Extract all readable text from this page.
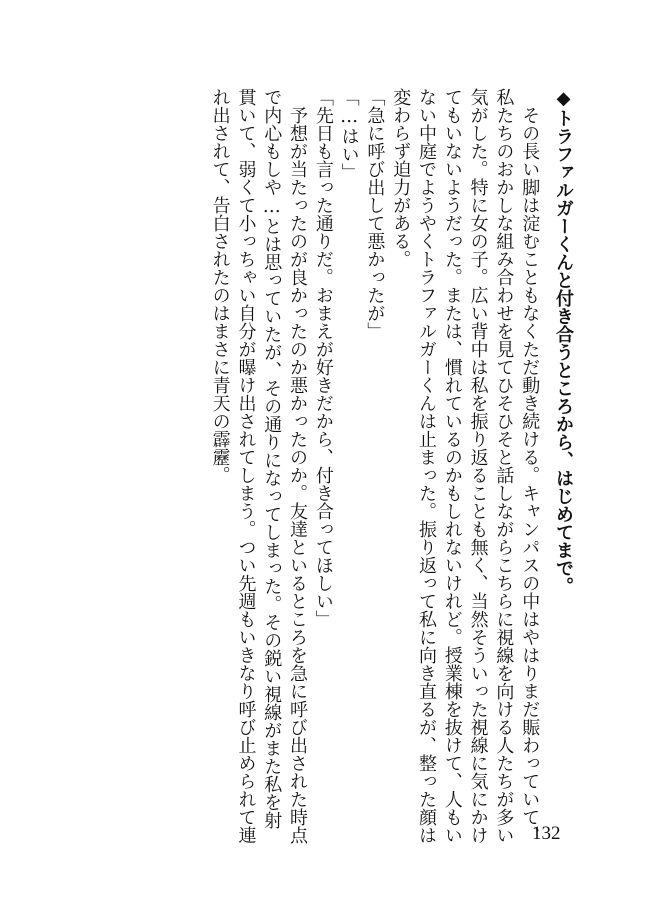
◆トラファルガーくんと付き合うところから、はじめてまで。
　その長い脚は淀むこともなくただ動き続ける。キャンパスの中はやはりまだ賑わっていて、
私たちのおかしな組み合わせを見てひそひそと話しながらこちらに視線を向ける人たちが多い
気がした。特に女の子。広い背中は私を振り返ることも無く、当然そういった視線に気にかけ
てもいないようだった。または、慣れているのかもしれないけれど。授業棟を抜けて、人もい
ない中庭でようやくトラファルガーくんは止まった。振り返って私に向き直るが、整った顔は
変わらず迫力がある。
「急に呼び出して悪かったが」
「…はい」
「先日も言った通りだ。おまえが好きだから、付き合ってほしい」
　予想が当たったのが良かったのか悪かったのか。友達といるところを急に呼び出された時点
で内心もしや…とは思っていたが、その通りになってしまった。その鋭い視線がまた私を射
貫いて、弱くて小っちゃい自分が曝け出されてしまう。つい先週もいきなり呼び止められて連
れ出されて、告白されたのはまさに青天の霹靂。
132
